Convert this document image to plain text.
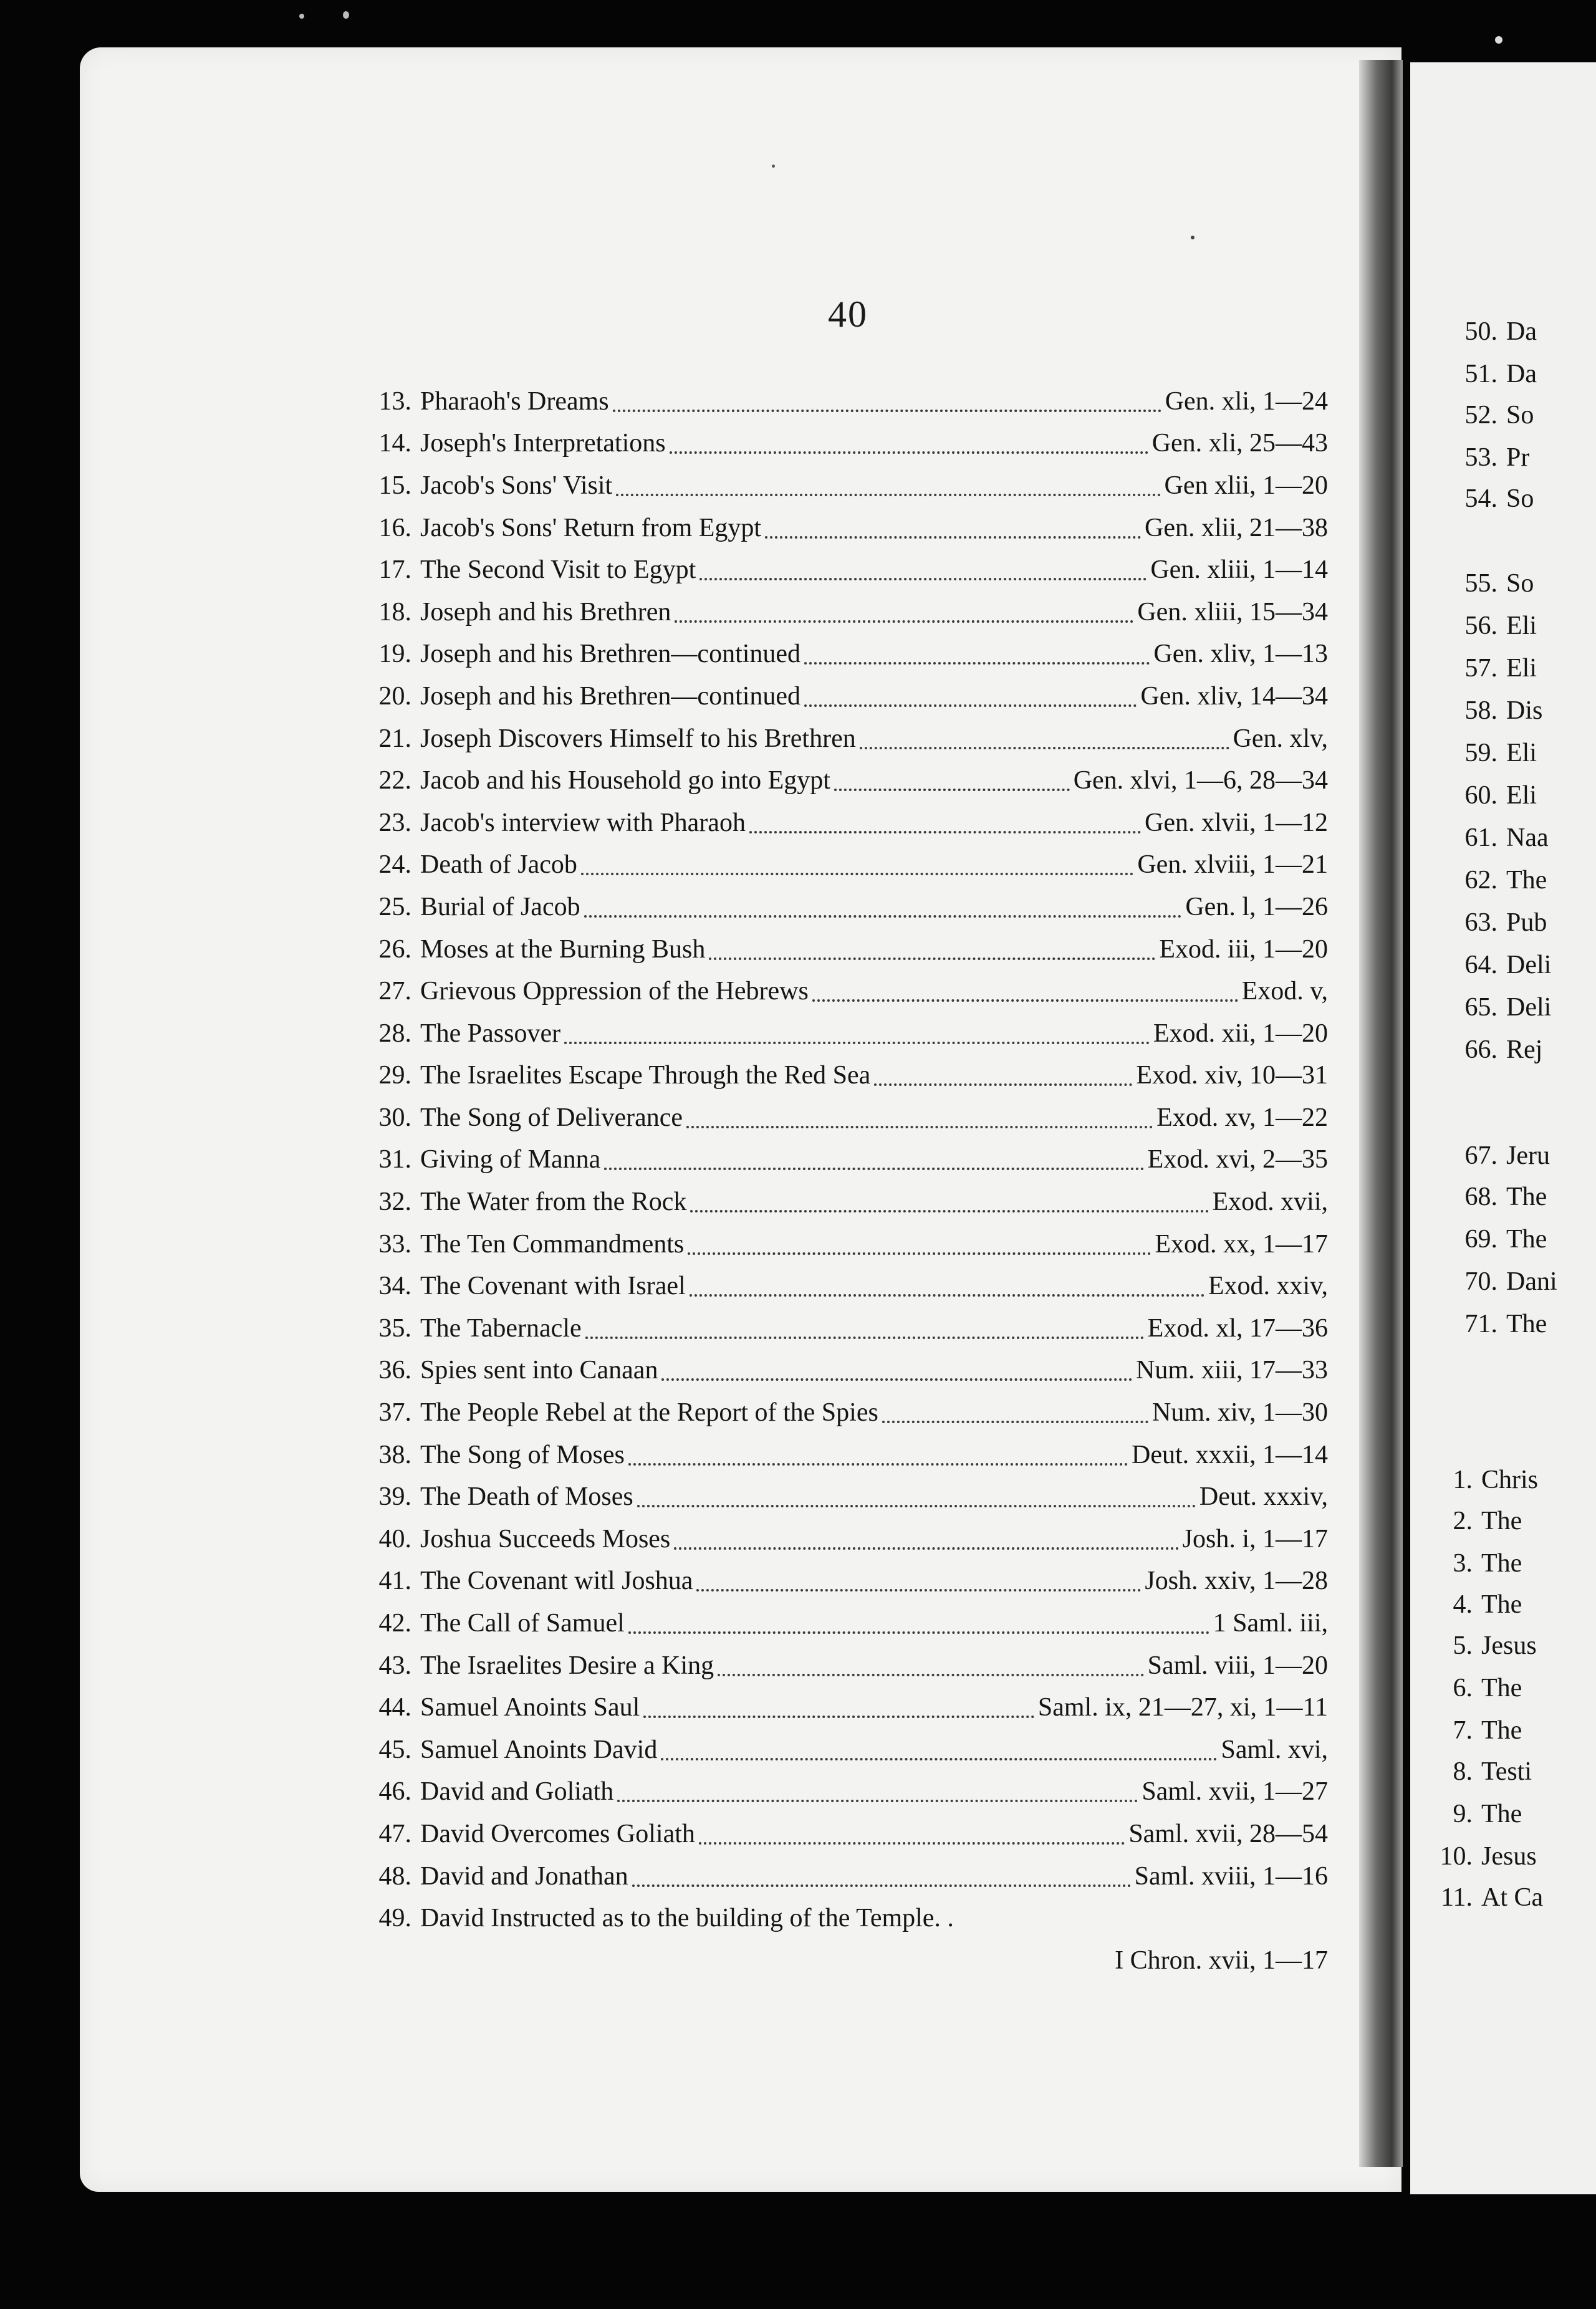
50. Da
51. Da
52. So
53. Pr
54. So
55. So
56. Eli
57. Eli
58. Dis
59. Eli
60. Eli
61. Naa
62. The
63. Pub
64. Deli
65. Deli
66. Rej
67. Jeru
68. The
69. The
70. Dani
71. The
1. Chris
2. The
3. The
4. The
5. Jesus
6. The
7. The
8. Testi
9. The
10. Jesus
11. At Ca
40
13. Pharaoh's Dreams	Gen. xli, 1—24
14. Joseph's Interpretations	Gen. xli, 25—43
15. Jacob's Sons' Visit	Gen xlii, 1—20
16. Jacob's Sons' Return from Egypt	Gen. xlii, 21—38
17. The Second Visit to Egypt	Gen. xliii, 1—14
18. Joseph and his Brethren	Gen. xliii, 15—34
19. Joseph and his Brethren—continued	Gen. xliv, 1—13
20. Joseph and his Brethren—continued	Gen. xliv, 14—34
21. Joseph Discovers Himself to his Brethren	Gen. xlv,
22. Jacob and his Household go into Egypt	Gen. xlvi, 1—6, 28—34
23. Jacob's interview with Pharaoh	Gen. xlvii, 1—12
24. Death of Jacob	Gen. xlviii, 1—21
25. Burial of Jacob	Gen. l, 1—26
26. Moses at the Burning Bush	Exod. iii, 1—20
27. Grievous Oppression of the Hebrews	Exod. v,
28. The Passover	Exod. xii, 1—20
29. The Israelites Escape Through the Red Sea	Exod. xiv, 10—31
30. The Song of Deliverance	Exod. xv, 1—22
31. Giving of Manna	Exod. xvi, 2—35
32. The Water from the Rock	Exod. xvii,
33. The Ten Commandments	Exod. xx, 1—17
34. The Covenant with Israel	Exod. xxiv,
35. The Tabernacle	Exod. xl, 17—36
36. Spies sent into Canaan	Num. xiii, 17—33
37. The People Rebel at the Report of the Spies	Num. xiv, 1—30
38. The Song of Moses	Deut. xxxii, 1—14
39. The Death of Moses	Deut. xxxiv,
40. Joshua Succeeds Moses	Josh. i, 1—17
41. The Covenant witl Joshua	Josh. xxiv, 1—28
42. The Call of Samuel	1 Saml. iii,
43. The Israelites Desire a King	Saml. viii, 1—20
44. Samuel Anoints Saul	Saml. ix, 21—27, xi, 1—11
45. Samuel Anoints David	Saml. xvi,
46. David and Goliath	Saml. xvii, 1—27
47. David Overcomes Goliath	Saml. xvii, 28—54
48. David and Jonathan	Saml. xviii, 1—16
49. David Instructed as to the building of the Temple. .
I Chron. xvii, 1—17
